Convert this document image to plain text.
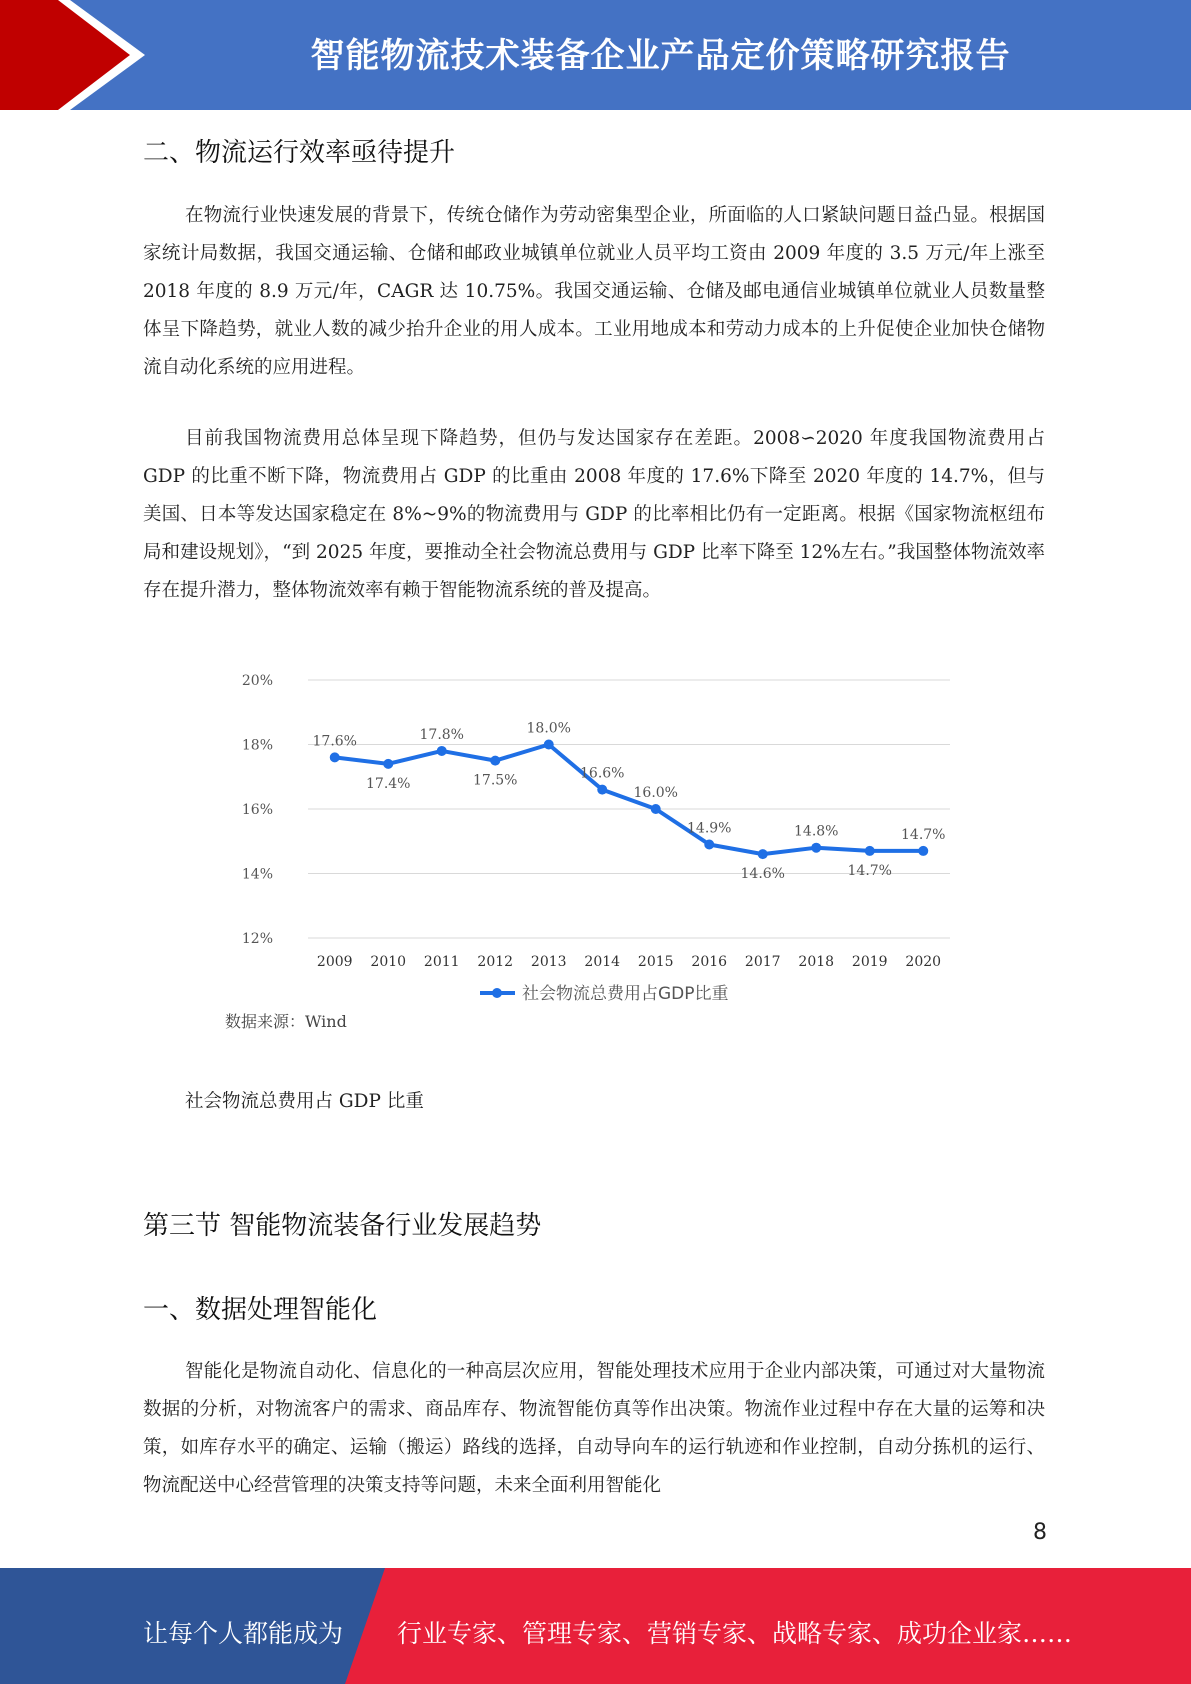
智能物流技术装备企业产品定价策略研究报告
二、物流运行效率亟待提升

在物流行业快速发展的背景下，传统仓储作为劳动密集型企业，所面临的人口紧缺问题日益凸显。根据国家统计局数据，我国交通运输、仓储和邮政业城镇单位就业人员平均工资由 2009 年度的 3.5 万元/年上涨至 2018 年度的 8.9 万元/年，CAGR 达 10.75%。我国交通运输、仓储及邮电通信业城镇单位就业人员数量整体呈下降趋势，就业人数的减少抬升企业的用人成本。工业用地成本和劳动力成本的上升促使企业加快仓储物流自动化系统的应用进程。

目前我国物流费用总体呈现下降趋势，但仍与发达国家存在差距。2008∽2020 年度我国物流费用占 GDP 的比重不断下降，物流费用占 GDP 的比重由 2008 年度的 17.6%下降至 2020 年度的 14.7%，但与美国、日本等发达国家稳定在 8%~9%的物流费用与 GDP 的比率相比仍有一定距离。根据《国家物流枢纽布局和建设规划》，“到 2025 年度，要推动全社会物流总费用与 GDP 比率下降至 12%左右。”我国整体物流效率存在提升潜力，整体物流效率有赖于智能物流系统的普及提高。

20%
18%
16%
14%
12%
2009 2010 2011 2012 2013 2014 2015 2016 2017 2018 2019 2020
17.6%
17.4%
17.8%
17.5%
18.0%
16.6%
16.0%
14.9%
14.6%
14.8%
14.7%
14.7%
社会物流总费用占GDP比重
数据来源：Wind
社会物流总费用占 GDP 比重
第三节 智能物流装备行业发展趋势
一、数据处理智能化

智能化是物流自动化、信息化的一种高层次应用，智能处理技术应用于企业内部决策，可通过对大量物流数据的分析，对物流客户的需求、商品库存、物流智能仿真等作出决策。物流作业过程中存在大量的运筹和决策，如库存水平的确定、运输（搬运）路线的选择，自动导向车的运行轨迹和作业控制，自动分拣机的运行、物流配送中心经营管理的决策支持等问题，未来全面利用智能化

8
让每个人都能成为 行业专家、管理专家、营销专家、战略专家、成功企业家……
